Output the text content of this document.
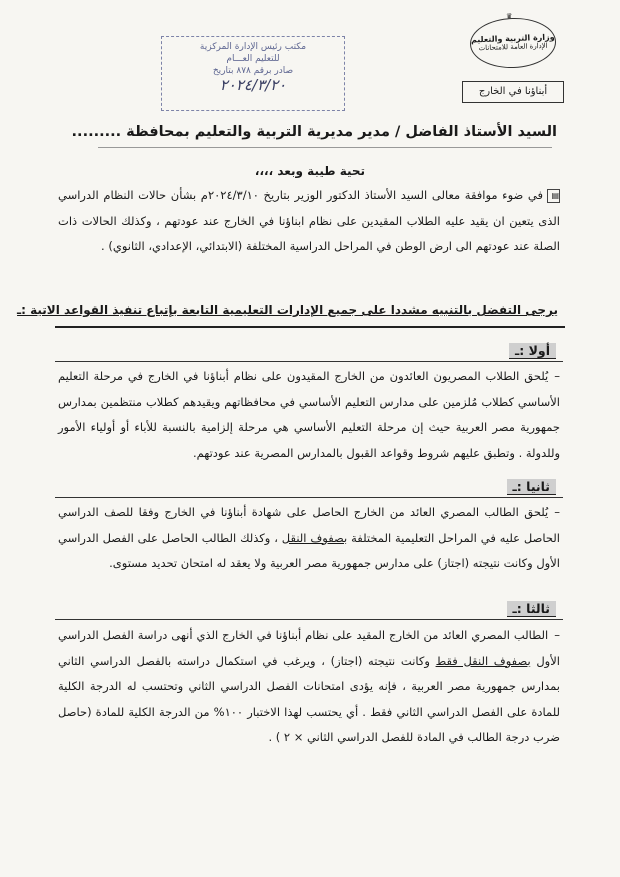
♛
وزارة التربية والتعليم
الإدارة العامة للامتحانات
أبناؤنا في الخارج
مكتب رئيس الإدارة المركزية
للتعليم العـــام
صادر برقم ٨٧٨ بتاريخ
٢٠٢٤/٣/٢٠
السيد الأستاذ الفاضل / مدير مديرية التربية والتعليم بمحافظة .........
تحية طيبة وبعد ،،،،
▤في ضوء موافقة معالى السيد الأستاذ الدكتور الوزير بتاريخ ٢٠٢٤/٣/١٠م بشأن حالات النظام الدراسي الذى يتعين ان يقيد عليه الطلاب المقيدين على نظام ابناؤنا في الخارج عند عودتهم ، وكذلك الحالات ذات الصلة عند عودتهم الى ارض الوطن في المراحل الدراسية المختلفة (الابتدائي، الإعدادي، الثانوي) .
يرجى التفضل بالتنبيه مشددا على جميع الإدارات التعليمية التابعة بإتباع تنفيذ القواعد الاتية :ـ
أولا :ـ
–يُلحق الطلاب المصريون العائدون من الخارج المقيدون على نظام أبناؤنا في الخارج في مرحلة التعليم الأساسي كطلاب مُلزمين على مدارس التعليم الأساسي في محافظاتهم ويقيدهم كطلاب منتظمين بمدارس جمهورية مصر العربية حيث إن مرحلة التعليم الأساسي هي مرحلة إلزامية بالنسبة للأباء أو أولياء الأمور وللدولة . وتطبق عليهم شروط وقواعد القبول بالمدارس المصرية عند عودتهم.
ثانيا :ـ
–يُلحق الطالب المصري العائد من الخارج الحاصل على شهادة أبناؤنا في الخارج وفقا للصف الدراسي الحاصل عليه في المراحل التعليمية المختلفة بصفوف النقل ، وكذلك الطالب الحاصل على الفصل الدراسي الأول وكانت نتيجته (اجتاز) على مدارس جمهورية مصر العربية ولا يعقد له امتحان تحديد مستوى.
ثالثا :ـ
–الطالب المصري العائد من الخارج المقيد على نظام أبناؤنا في الخارج الذي أنهى دراسة الفصل الدراسي الأول بصفوف النقل فقط وكانت نتيجته (اجتاز) ، ويرغب في استكمال دراسته بالفصل الدراسي الثاني بمدارس جمهورية مصر العربية ، فإنه يؤدى امتحانات الفصل الدراسي الثاني وتحتسب له الدرجة الكلية للمادة على الفصل الدراسي الثاني فقط . أي يحتسب لهذا الاختبار ١٠٠% من الدرجة الكلية للمادة (حاصل ضرب درجة الطالب في المادة للفصل الدراسي الثاني × ٢ ) .
